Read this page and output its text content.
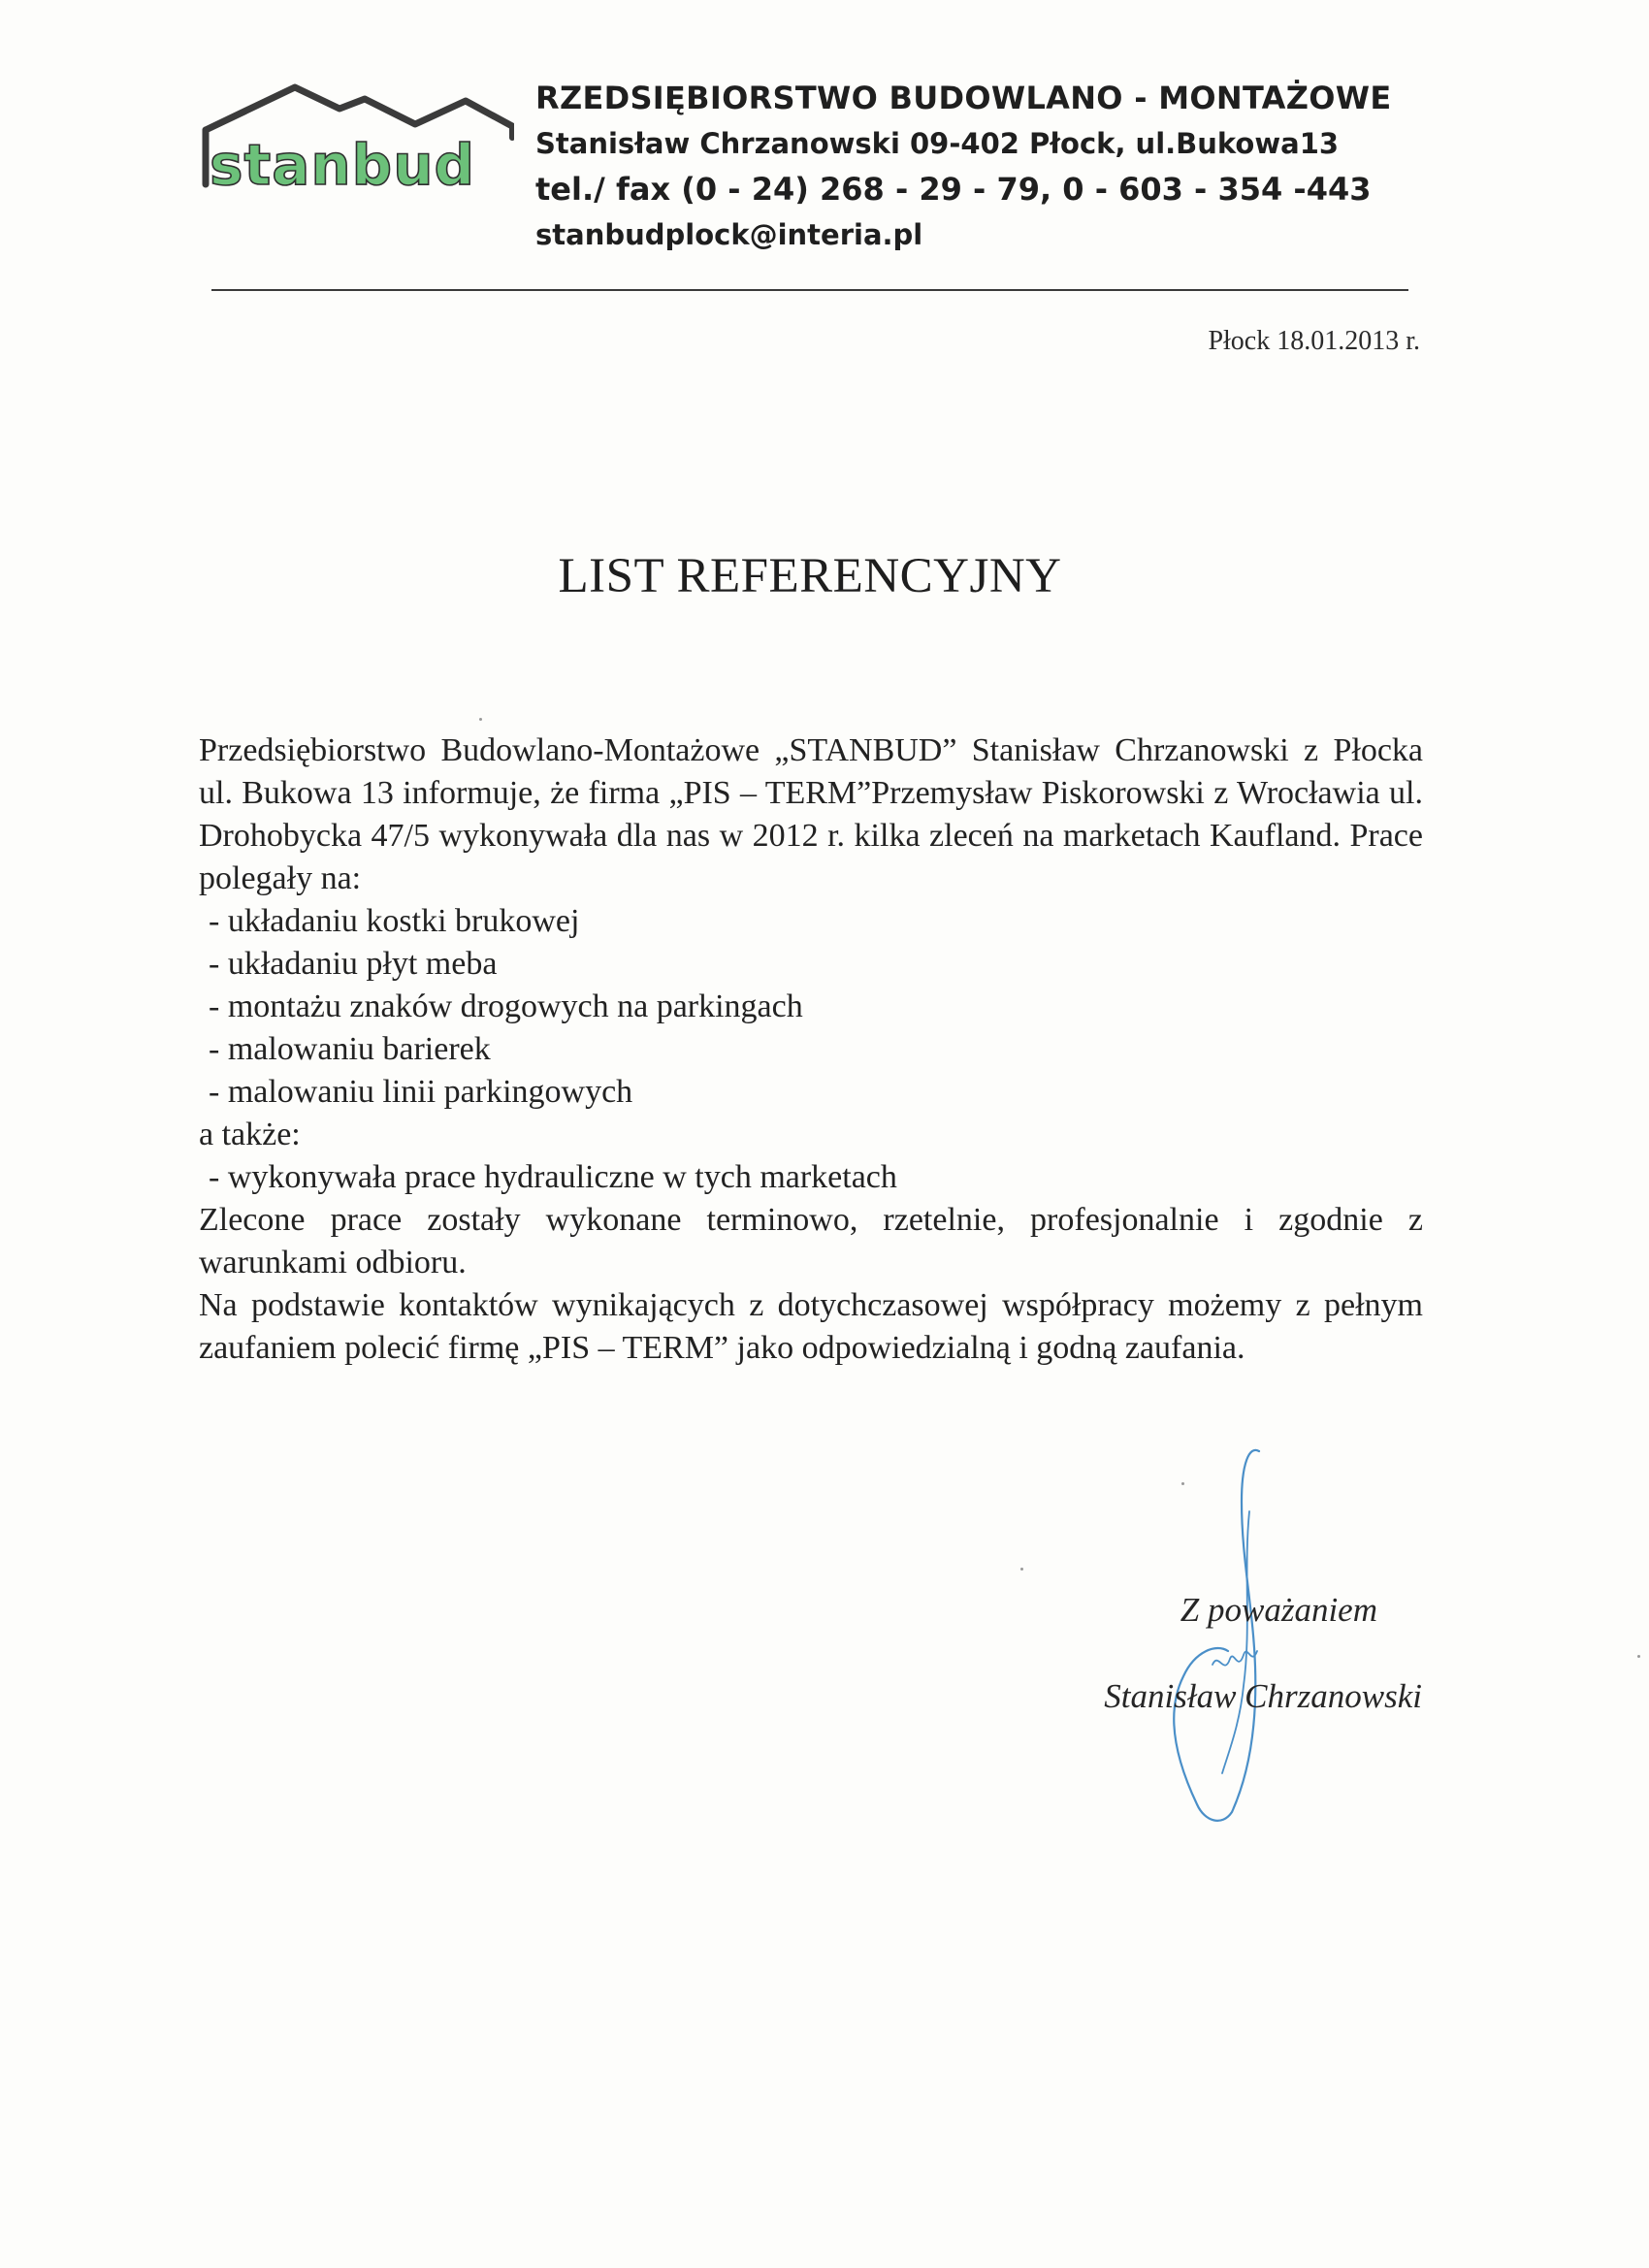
stanbud
RZEDSIĘBIORSTWO BUDOWLANO - MONTAŻOWE
Stanisław Chrzanowski 09-402 Płock, ul.Bukowa13
tel./ fax (0 - 24) 268 - 29 - 79, 0 - 603 - 354 -443
stanbudplock@interia.pl
Płock 18.01.2013 r.
LIST REFERENCYJNY

Przedsiębiorstwo Budowlano-Montażowe „STANBUD” Stanisław Chrzanowski z Płocka ul. Bukowa 13 informuje, że firma „PIS – TERM”Przemysław Piskorowski z Wrocławia ul. Drohobycka 47/5 wykonywała dla nas w 2012 r. kilka zleceń na marketach Kaufland. Prace polegały na:

- układaniu kostki brukowej
- układaniu płyt meba
- montażu znaków drogowych na parkingach
- malowaniu barierek
- malowaniu linii parkingowych

a także:

- wykonywała prace hydrauliczne w tych marketach

Zlecone prace zostały wykonane terminowo, rzetelnie, profesjonalnie i zgodnie z warunkami odbioru.

Na podstawie kontaktów wynikających z dotychczasowej współpracy możemy z pełnym zaufaniem polecić firmę „PIS – TERM” jako odpowiedzialną i godną zaufania.

Z poważaniem
Stanisław Chrzanowski
